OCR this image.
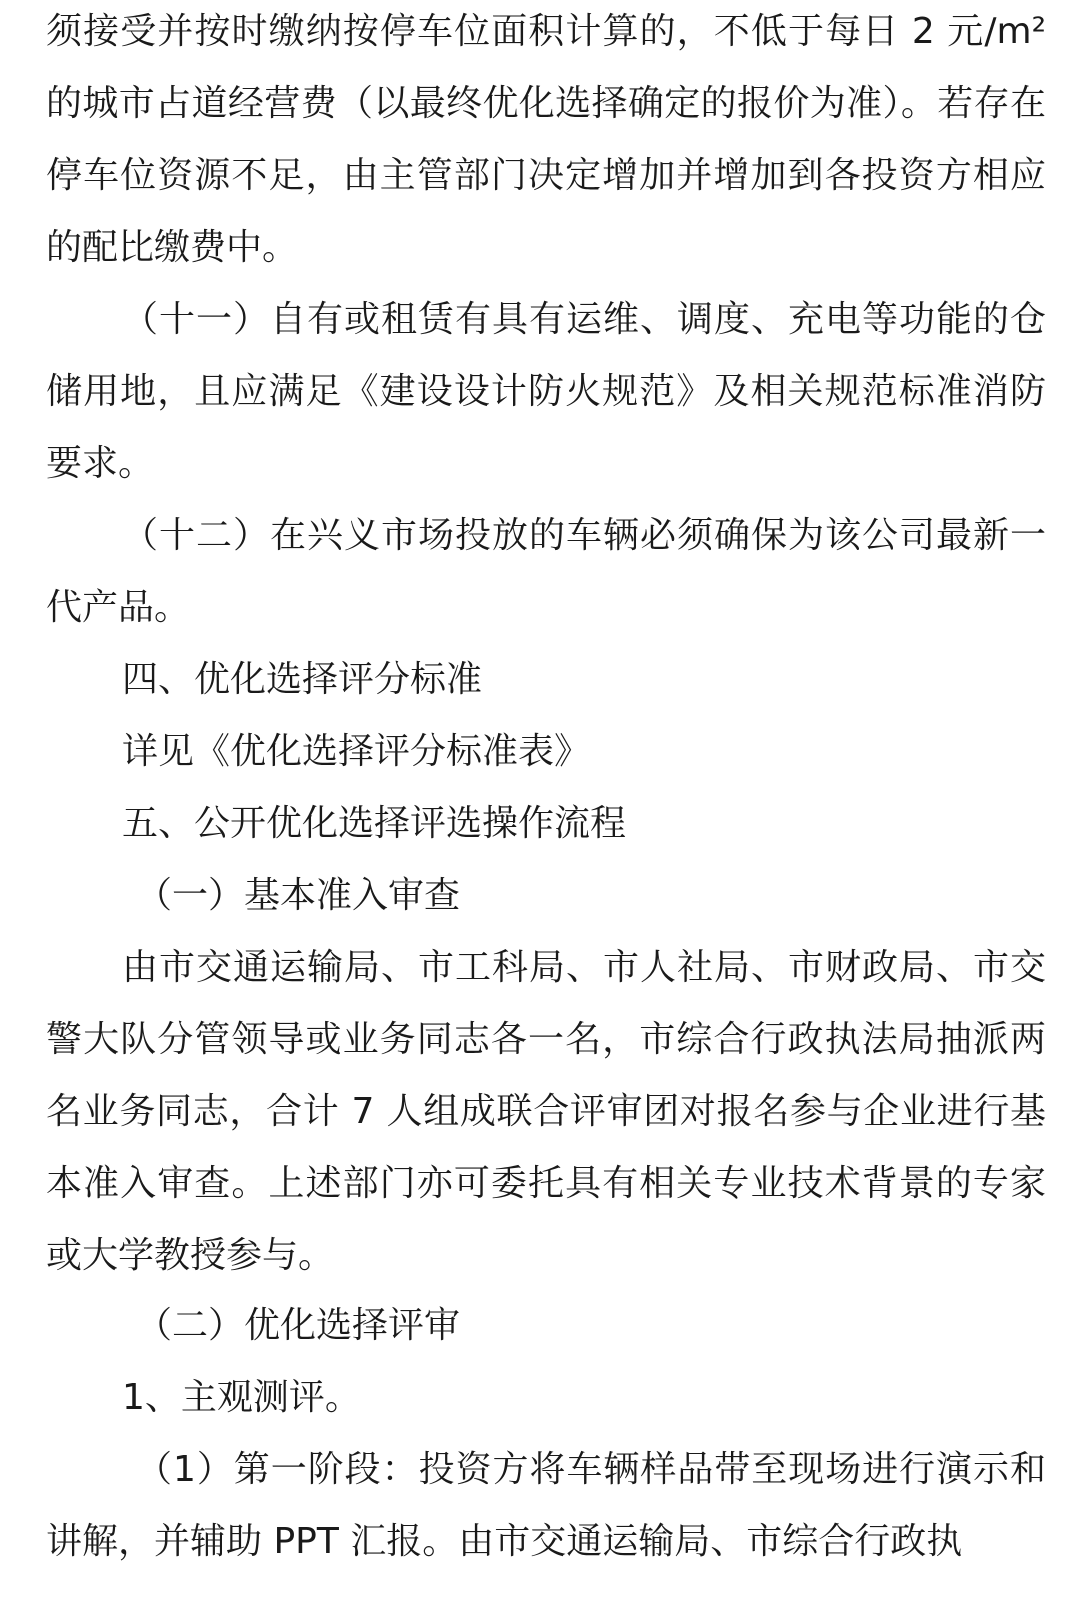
须接受并按时缴纳按停车位面积计算的，不低于每日 2 元/m²的城市占道经营费（以最终优化选择确定的报价为准）。若存在停车位资源不足，由主管部门决定增加并增加到各投资方相应的配比缴费中。

（十一）自有或租赁有具有运维、调度、充电等功能的仓储用地，且应满足《建设设计防火规范》及相关规范标准消防要求。

（十二）在兴义市场投放的车辆必须确保为该公司最新一代产品。

四、优化选择评分标准

详见《优化选择评分标准表》

五、公开优化选择评选操作流程

（一）基本准入审查

由市交通运输局、市工科局、市人社局、市财政局、市交警大队分管领导或业务同志各一名，市综合行政执法局抽派两名业务同志，合计 7 人组成联合评审团对报名参与企业进行基本准入审查。上述部门亦可委托具有相关专业技术背景的专家或大学教授参与。

（二）优化选择评审

1、主观测评。

（1）第一阶段：投资方将车辆样品带至现场进行演示和讲解，并辅助 PPT 汇报。由市交通运输局、市综合行政执
